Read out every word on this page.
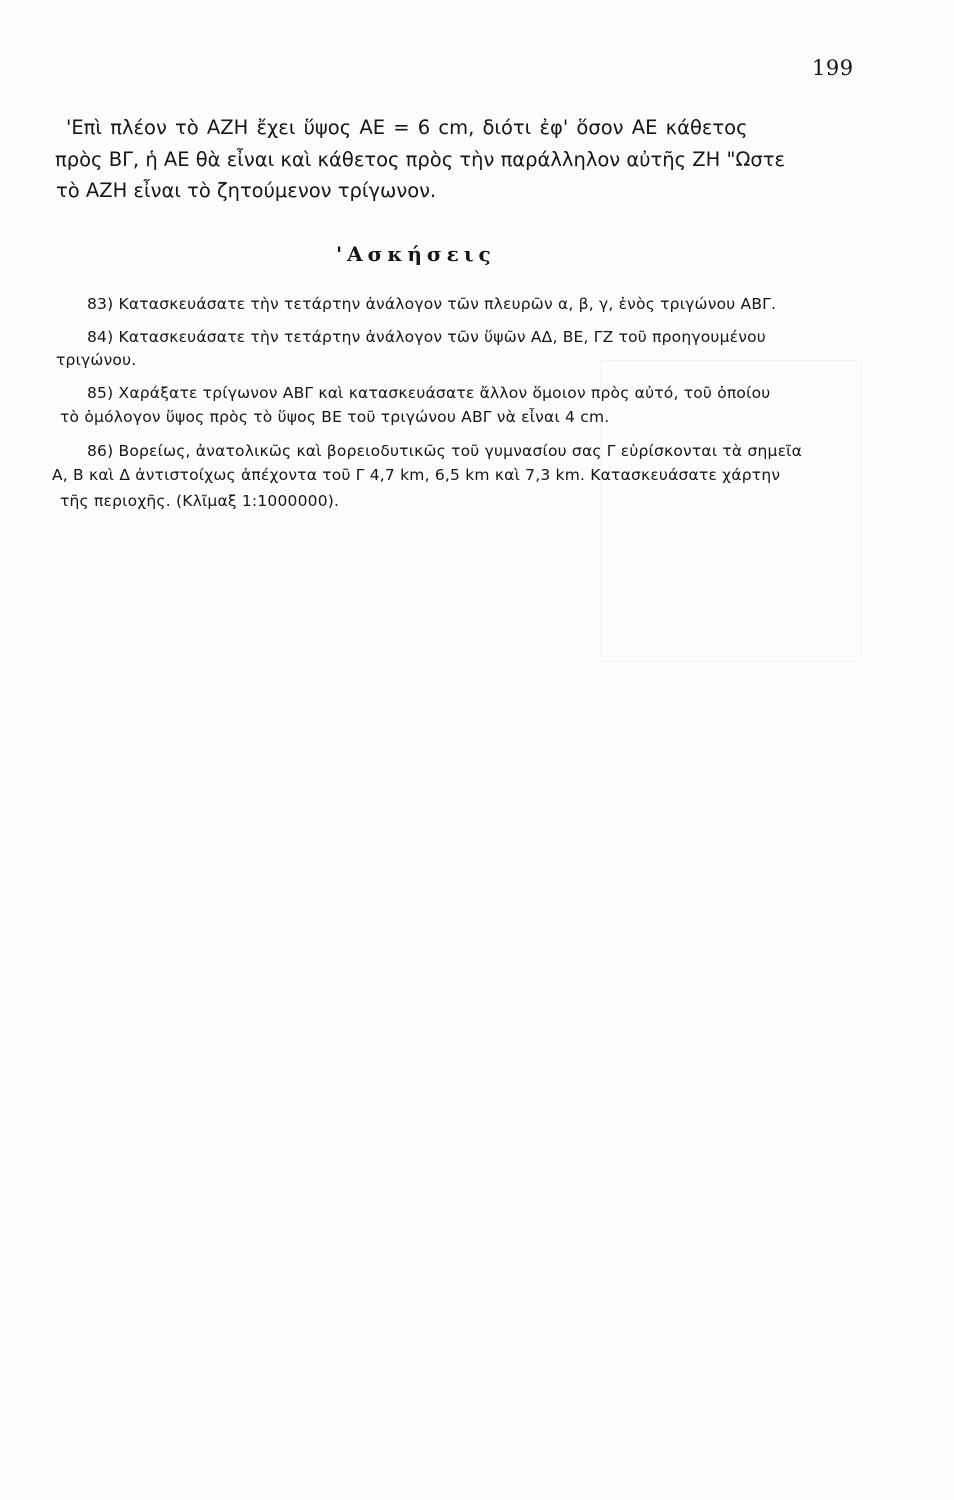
199
'Επὶ πλέον τὸ ΑΖΗ ἔχει ὕψος ΑΕ = 6 cm, διότι ἐφ' ὅσον ΑΕ κάθετος
πρὸς ΒΓ, ἡ ΑΕ θὰ εἶναι καὶ κάθετος πρὸς τὴν παράλληλον αὐτῆς ΖΗ "Ωστε
τὸ ΑΖΗ εἶναι τὸ ζητούμενον τρίγωνον.
'Ασκήσεις
83) Κατασκευάσατε τὴν τετάρτην ἀνάλογον τῶν πλευρῶν α, β, γ, ἑνὸς τριγώνου ΑΒΓ.
84) Κατασκευάσατε τὴν τετάρτην ἀνάλογον τῶν ὕψῶν ΑΔ, ΒΕ, ΓΖ τοῦ προηγουμένου
τριγώνου.
85) Χαράξατε τρίγωνον ΑΒΓ καὶ κατασκευάσατε ἄλλον ὅμοιον πρὸς αὐτό, τοῦ ὁποίου
τὸ ὁμόλογον ὕψος πρὸς τὸ ὕψος ΒΕ τοῦ τριγώνου ΑΒΓ νὰ εἶναι 4 cm.
86) Βορείως, ἀνατολικῶς καὶ βορειοδυτικῶς τοῦ γυμνασίου σας Γ εὑρίσκονται τὰ σημεῖα
Α, Β καὶ Δ ἀντιστοίχως ἀπέχοντα τοῦ Γ 4,7 km, 6,5 km καὶ 7,3 km. Κατασκευάσατε χάρτην
τῆς περιοχῆς. (Κλῖμαξ 1:1000000).
